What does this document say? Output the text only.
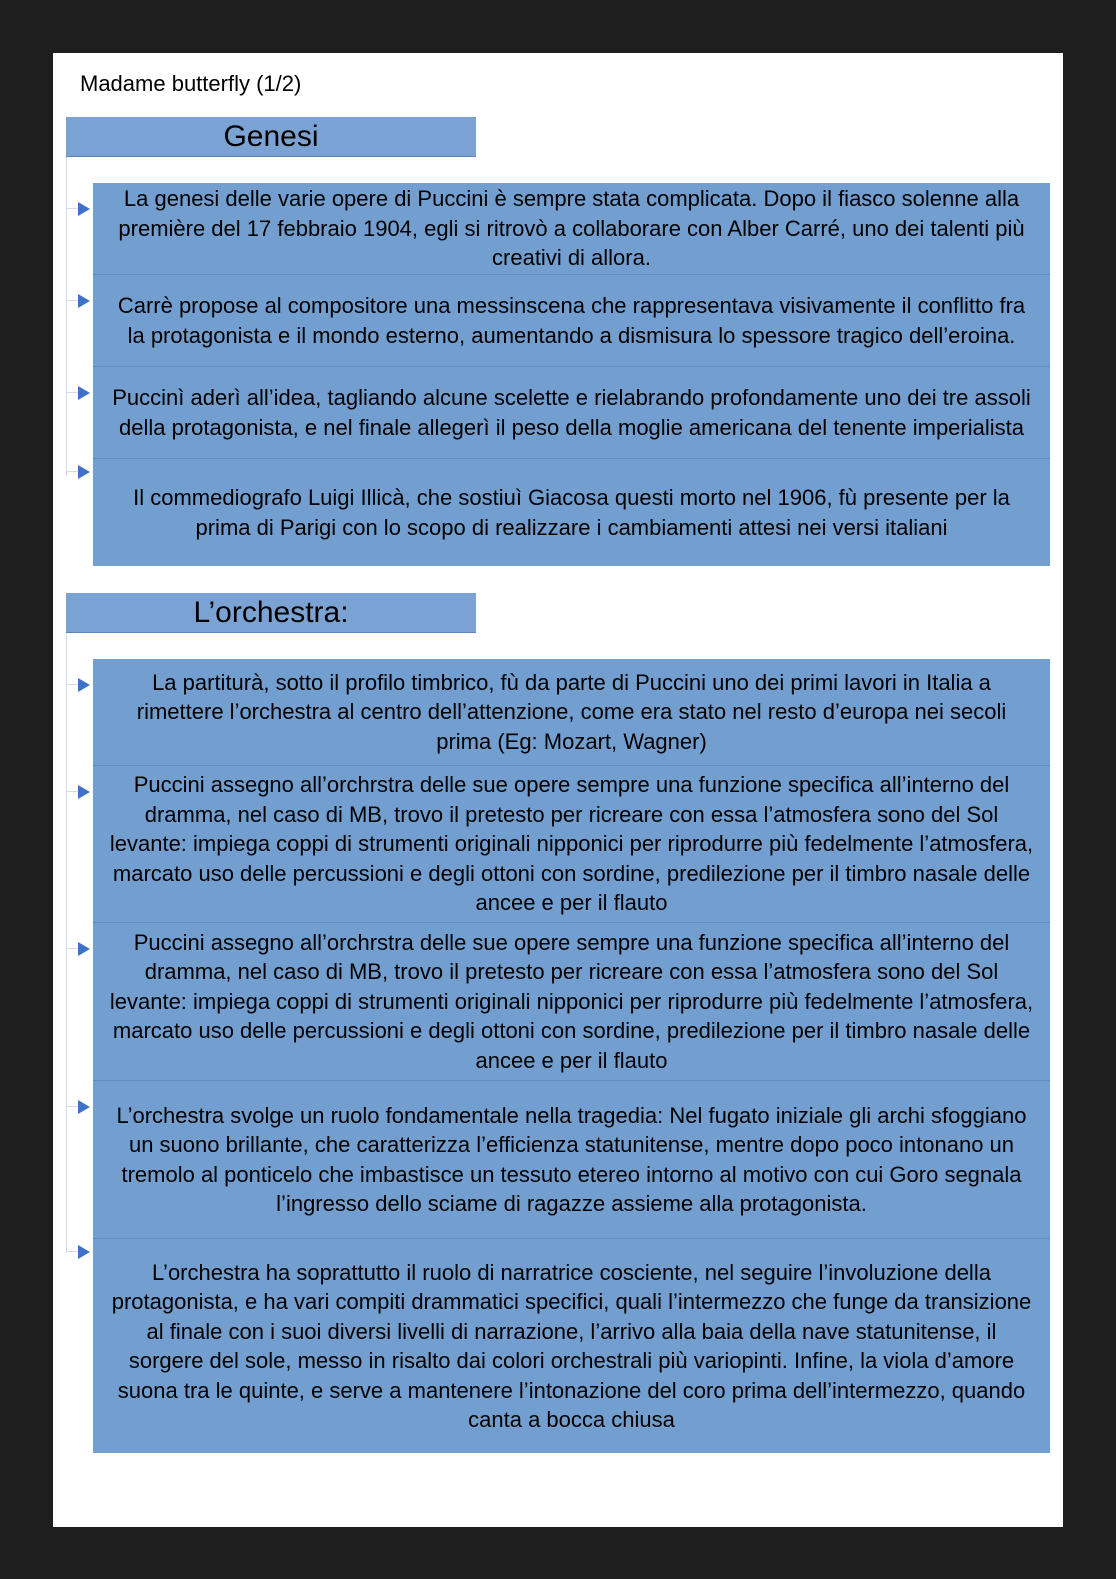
Madame butterfly (1/2)
Genesi
La genesi delle varie opere di Puccini è sempre stata complicata. Dopo il fiasco solenne alla première del 17 febbraio 1904, egli si ritrovò a collaborare con Alber Carré, uno dei talenti più creativi di allora.
Carrè propose al compositore una messinscena che rappresentava visivamente il conflitto fra la protagonista e il mondo esterno, aumentando a dismisura lo spessore tragico dell’eroina.
Puccinì aderì all’idea, tagliando alcune scelette e rielabrando profondamente uno dei tre assoli della protagonista, e nel finale allegerì il peso della moglie americana del tenente imperialista
Il commediografo Luigi Illicà, che sostiuì Giacosa questi morto nel 1906, fù presente per la prima di Parigi con lo scopo di realizzare i cambiamenti attesi nei versi italiani
L’orchestra:
La partiturà, sotto il profilo timbrico, fù da parte di Puccini uno dei primi lavori in Italia a rimettere l’orchestra al centro dell’attenzione, come era stato nel resto d’europa nei secoli prima (Eg: Mozart, Wagner)
Puccini assegno all’orchrstra delle sue opere sempre una funzione specifica all’interno del dramma, nel caso di MB, trovo il pretesto per ricreare con essa l’atmosfera sono del Sol levante: impiega coppi di strumenti originali nipponici per riprodurre più fedelmente l’atmosfera, marcato uso delle percussioni e degli ottoni con sordine, predilezione per il timbro nasale delle ancee e per il flauto
Puccini assegno all’orchrstra delle sue opere sempre una funzione specifica all’interno del dramma, nel caso di MB, trovo il pretesto per ricreare con essa l’atmosfera sono del Sol levante: impiega coppi di strumenti originali nipponici per riprodurre più fedelmente l’atmosfera, marcato uso delle percussioni e degli ottoni con sordine, predilezione per il timbro nasale delle ancee e per il flauto
L’orchestra svolge un ruolo fondamentale nella tragedia: Nel fugato iniziale gli archi sfoggiano un suono brillante, che caratterizza l’efficienza statunitense, mentre dopo poco intonano un tremolo al ponticelo che imbastisce un tessuto etereo intorno al motivo con cui Goro segnala l’ingresso dello sciame di ragazze assieme alla protagonista.
L’orchestra ha soprattutto il ruolo di narratrice cosciente, nel seguire l’involuzione della protagonista, e ha vari compiti drammatici specifici, quali l’intermezzo che funge da transizione al finale con i suoi diversi livelli di narrazione, l’arrivo alla baia della nave statunitense, il sorgere del sole, messo in risalto dai colori orchestrali più variopinti. Infine, la viola d’amore suona tra le quinte, e serve a mantenere l’intonazione del coro prima dell’intermezzo, quando canta a bocca chiusa
